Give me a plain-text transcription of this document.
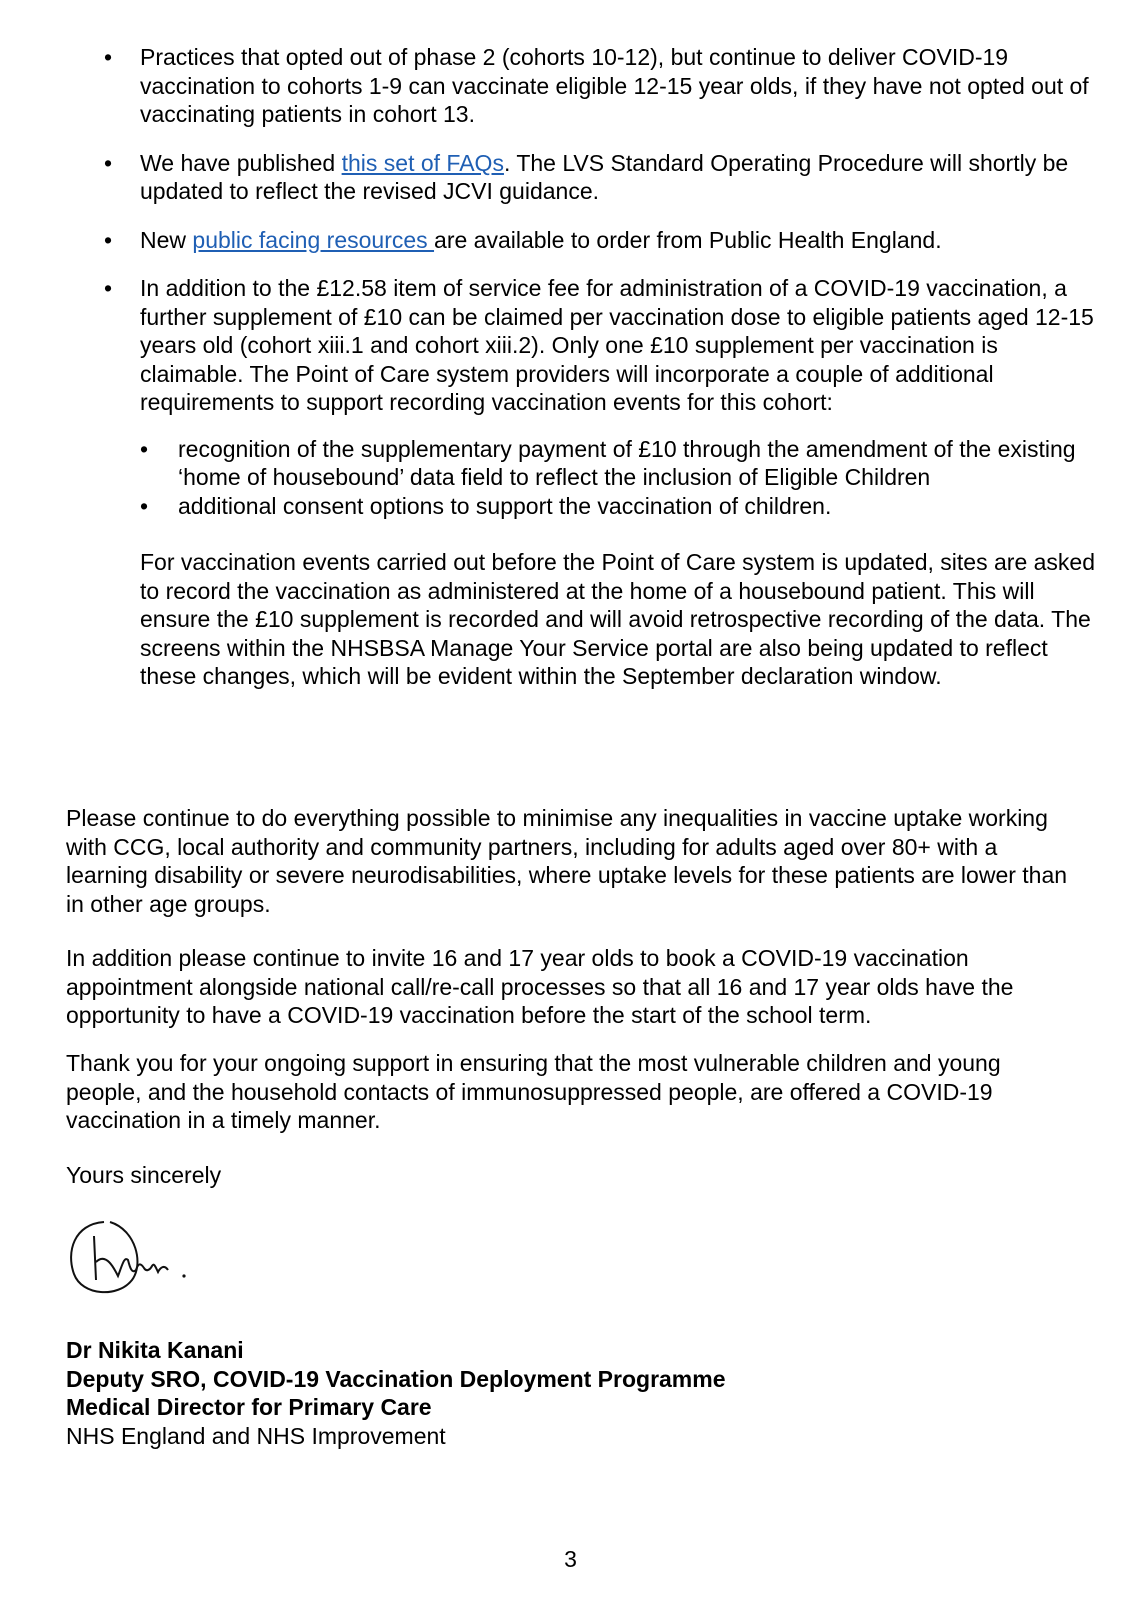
• Practices that opted out of phase 2 (cohorts 10-12), but continue to deliver COVID-19 vaccination to cohorts 1-9 can vaccinate eligible 12-15 year olds, if they have not opted out of vaccinating patients in cohort 13.
• We have published this set of FAQs. The LVS Standard Operating Procedure will shortly be updated to reflect the revised JCVI guidance.
• New public facing resources are available to order from Public Health England.
• In addition to the £12.58 item of service fee for administration of a COVID-19 vaccination, a further supplement of £10 can be claimed per vaccination dose to eligible patients aged 12-15 years old (cohort xiii.1 and cohort xiii.2). Only one £10 supplement per vaccination is claimable. The Point of Care system providers will incorporate a couple of additional requirements to support recording vaccination events for this cohort:
• recognition of the supplementary payment of £10 through the amendment of the existing ‘home of housebound’ data field to reflect the inclusion of Eligible Children
• additional consent options to support the vaccination of children.

For vaccination events carried out before the Point of Care system is updated, sites are asked to record the vaccination as administered at the home of a housebound patient. This will ensure the £10 supplement is recorded and will avoid retrospective recording of the data. The screens within the NHSBSA Manage Your Service portal are also being updated to reflect these changes, which will be evident within the September declaration window.

Please continue to do everything possible to minimise any inequalities in vaccine uptake working with CCG, local authority and community partners, including for adults aged over 80+ with a learning disability or severe neurodisabilities, where uptake levels for these patients are lower than in other age groups.

In addition please continue to invite 16 and 17 year olds to book a COVID-19 vaccination appointment alongside national call/re-call processes so that all 16 and 17 year olds have the opportunity to have a COVID-19 vaccination before the start of the school term.

Thank you for your ongoing support in ensuring that the most vulnerable children and young people, and the household contacts of immunosuppressed people, are offered a COVID-19 vaccination in a timely manner.

Yours sincerely

Dr Nikita Kanani
Deputy SRO, COVID-19 Vaccination Deployment Programme
Medical Director for Primary Care
NHS England and NHS Improvement
3
